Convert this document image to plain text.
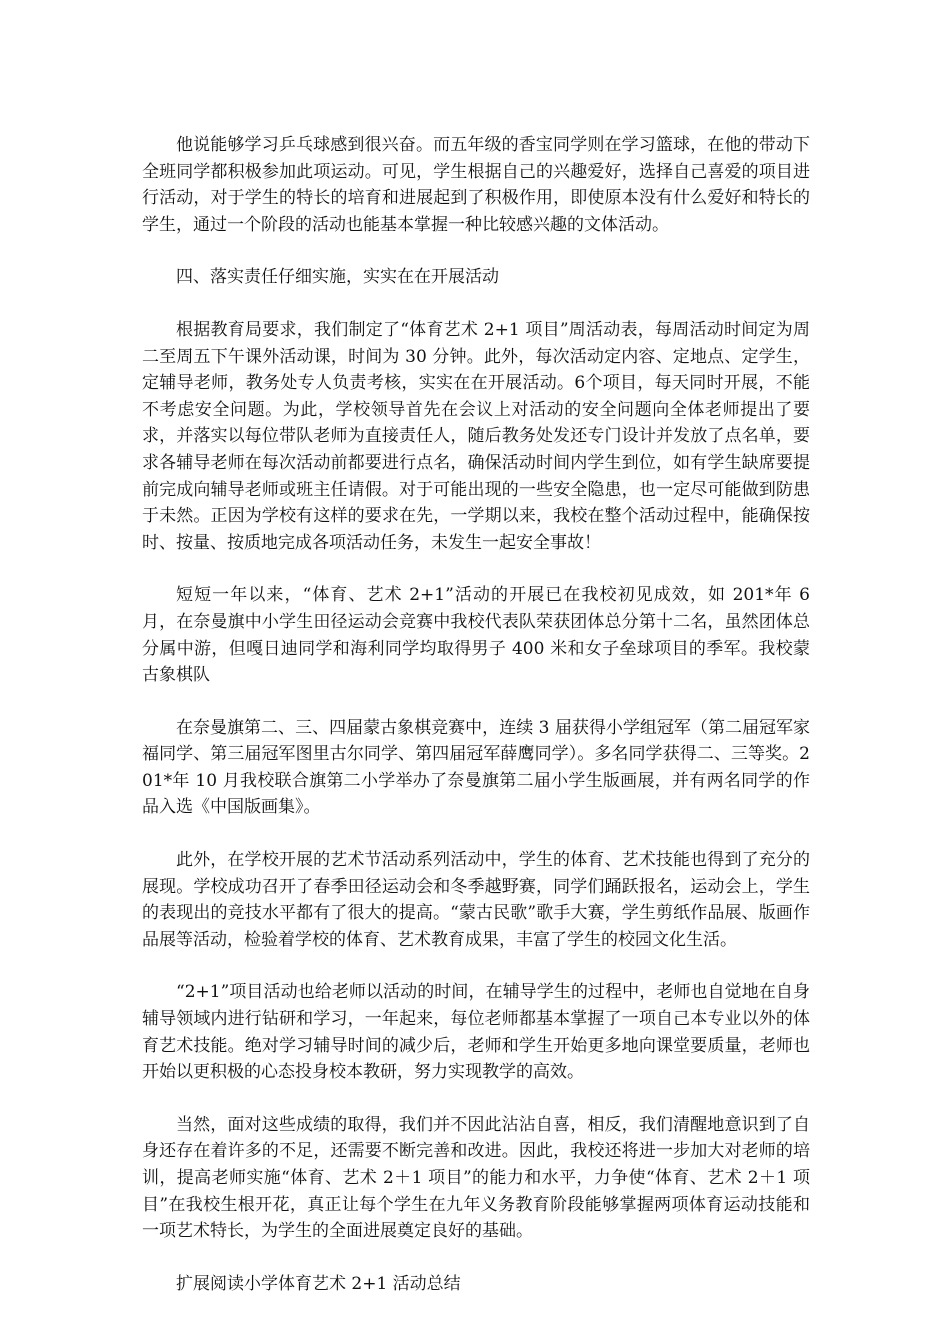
他说能够学习乒乓球感到很兴奋。而五年级的香宝同学则在学习篮球，在他的带动下全班同学都积极参加此项运动。可见，学生根据自己的兴趣爱好，选择自己喜爱的项目进行活动，对于学生的特长的培育和进展起到了积极作用，即使原本没有什么爱好和特长的学生，通过一个阶段的活动也能基本掌握一种比较感兴趣的文体活动。

四、落实责任仔细实施，实实在在开展活动

根据教育局要求，我们制定了“体育艺术 2+1 项目”周活动表，每周活动时间定为周二至周五下午课外活动课，时间为 30 分钟。此外，每次活动定内容、定地点、定学生，定辅导老师，教务处专人负责考核，实实在在开展活动。6个项目，每天同时开展，不能不考虑安全问题。为此，学校领导首先在会议上对活动的安全问题向全体老师提出了要求，并落实以每位带队老师为直接责任人，随后教务处发还专门设计并发放了点名单，要求各辅导老师在每次活动前都要进行点名，确保活动时间内学生到位，如有学生缺席要提前完成向辅导老师或班主任请假。对于可能出现的一些安全隐患，也一定尽可能做到防患于未然。正因为学校有这样的要求在先，一学期以来，我校在整个活动过程中，能确保按时、按量、按质地完成各项活动任务，未发生一起安全事故！

短短一年以来，“体育、艺术 2+1”活动的开展已在我校初见成效，如 201*年 6 月，在奈曼旗中小学生田径运动会竞赛中我校代表队荣获团体总分第十二名，虽然团体总分属中游，但嘎日迪同学和海利同学均取得男子 400 米和女子垒球项目的季军。我校蒙古象棋队

在奈曼旗第二、三、四届蒙古象棋竞赛中，连续 3 届获得小学组冠军（第二届冠军家福同学、第三届冠军图里古尔同学、第四届冠军薛鹰同学）。多名同学获得二、三等奖。201*年 10 月我校联合旗第二小学举办了奈曼旗第二届小学生版画展，并有两名同学的作品入选《中国版画集》。

此外，在学校开展的艺术节活动系列活动中，学生的体育、艺术技能也得到了充分的展现。学校成功召开了春季田径运动会和冬季越野赛，同学们踊跃报名，运动会上，学生的表现出的竞技水平都有了很大的提高。“蒙古民歌”歌手大赛，学生剪纸作品展、版画作品展等活动，检验着学校的体育、艺术教育成果，丰富了学生的校园文化生活。

“2+1”项目活动也给老师以活动的时间，在辅导学生的过程中，老师也自觉地在自身辅导领域内进行钻研和学习，一年起来，每位老师都基本掌握了一项自己本专业以外的体育艺术技能。绝对学习辅导时间的减少后，老师和学生开始更多地向课堂要质量，老师也开始以更积极的心态投身校本教研，努力实现教学的高效。

当然，面对这些成绩的取得，我们并不因此沾沾自喜，相反，我们清醒地意识到了自身还存在着许多的不足，还需要不断完善和改进。因此，我校还将进一步加大对老师的培训，提高老师实施“体育、艺术 2＋1 项目”的能力和水平，力争使“体育、艺术 2＋1 项目”在我校生根开花，真正让每个学生在九年义务教育阶段能够掌握两项体育运动技能和一项艺术特长，为学生的全面进展奠定良好的基础。

扩展阅读小学体育艺术 2+1 活动总结
